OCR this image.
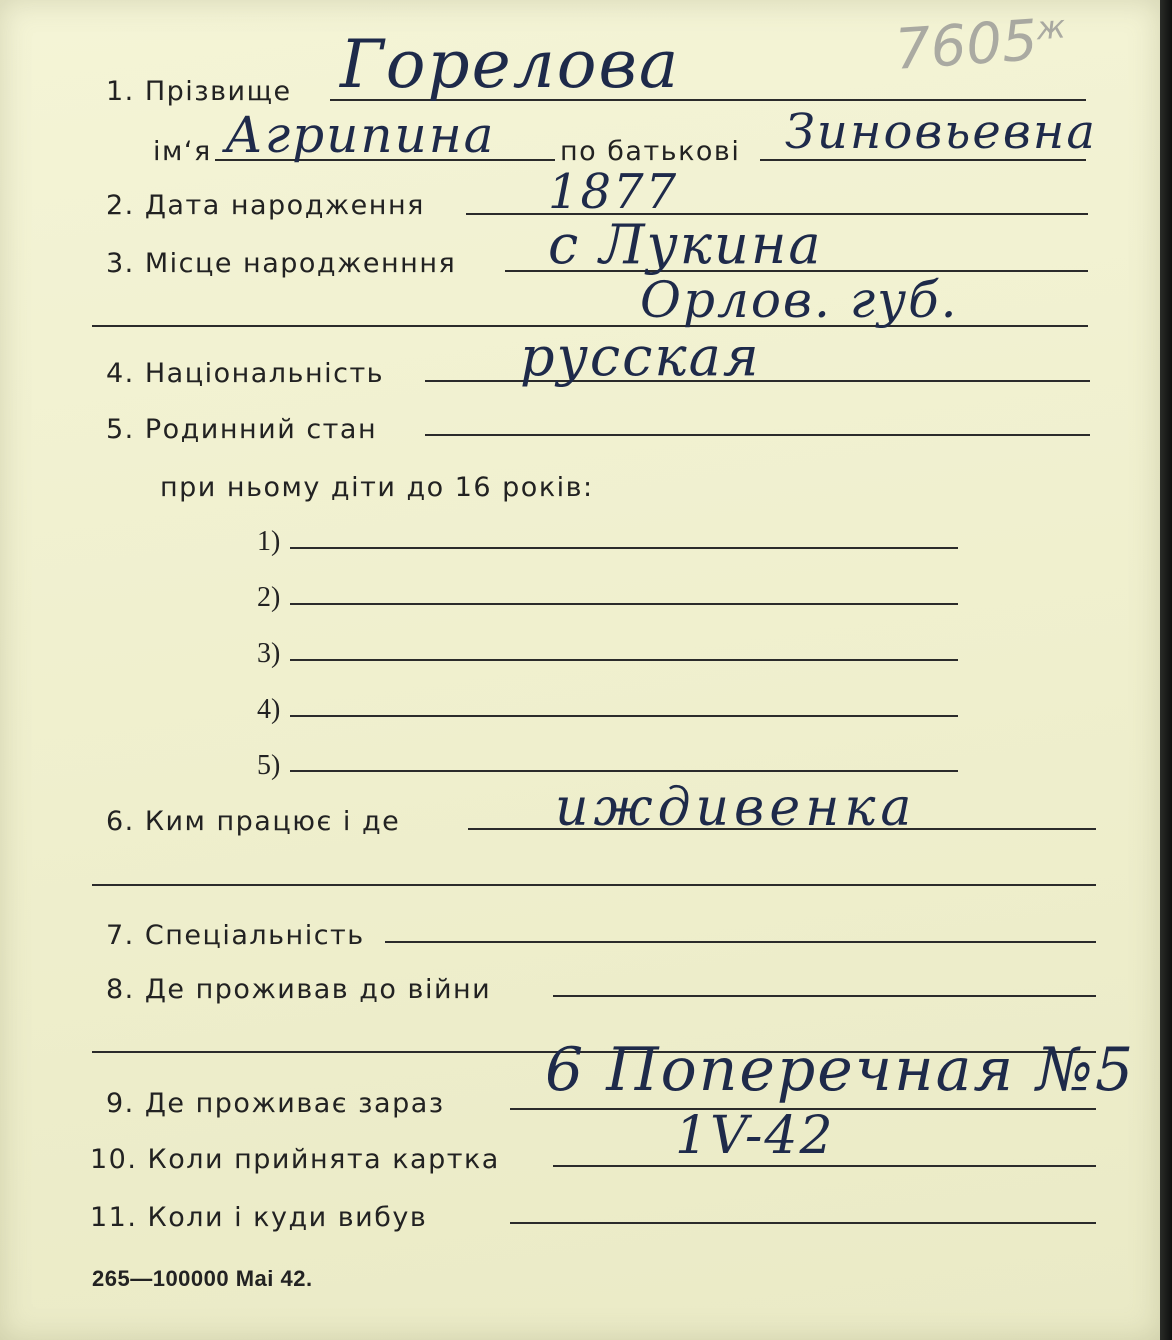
$7605^ж$
1. Прізвище Горелова
ім‘я Агрипина по батькові Зиновьевна
2. Дата народження	1877
3. Місце народженння с Лукина
Орлов. губ.
4. Національність	русская
5. Родинний стан
при ньому діти до 16 років:
1)
2)
3)
4)
5)
6. Ким працює і де	иждивенка
7. Спеціальність
8. Де проживав до війни
9. Де проживає зараз 6 Поперечная №5
10. Коли прийнята картка	1V-42
11. Коли і куди вибув
265—100000 Mai 42.
